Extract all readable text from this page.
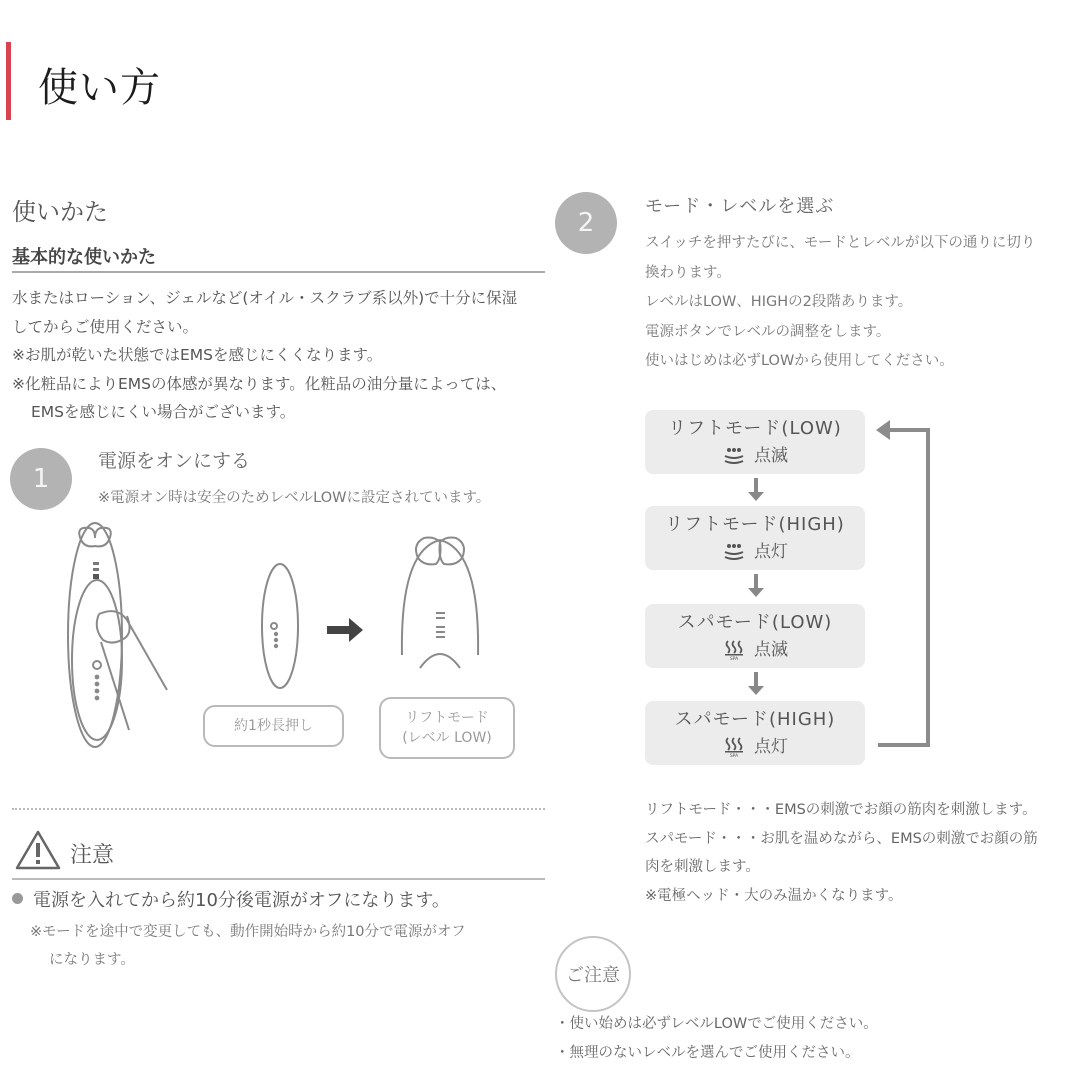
使い方
使いかた
基本的な使いかた
水またはローション、ジェルなど(オイル・スクラブ系以外)で十分に保湿
してからご使用ください。
※お肌が乾いた状態ではEMSを感じにくくなります。
※化粧品によりEMSの体感が異なります。化粧品の油分量によっては、
EMSを感じにくい場合がございます。
1
電源をオンにする
※電源オン時は安全のためレベルLOWに設定されています。
約1秒長押し	リフトモード
(レベル LOW)
注意
電源を入れてから約10分後電源がオフになります。
※モードを途中で変更しても、動作開始時から約10分で電源がオフ
になります。
2
モード・レベルを選ぶ
スイッチを押すたびに、モードとレベルが以下の通りに切り
換わります。
レベルはLOW、HIGHの2段階あります。
電源ボタンでレベルの調整をします。
使いはじめは必ずLOWから使用してください。
リフトモード(LOW)
点滅
リフトモード(HIGH)
点灯
スパモード(LOW)
SPA 点滅
スパモード(HIGH)
SPA 点灯
リフトモード・・・EMSの刺激でお顔の筋肉を刺激します。
スパモード・・・お肌を温めながら、EMSの刺激でお顔の筋
肉を刺激します。
※電極ヘッド・大のみ温かくなります。
ご注意
・使い始めは必ずレベルLOWでご使用ください。
・無理のないレベルを選んでご使用ください。
